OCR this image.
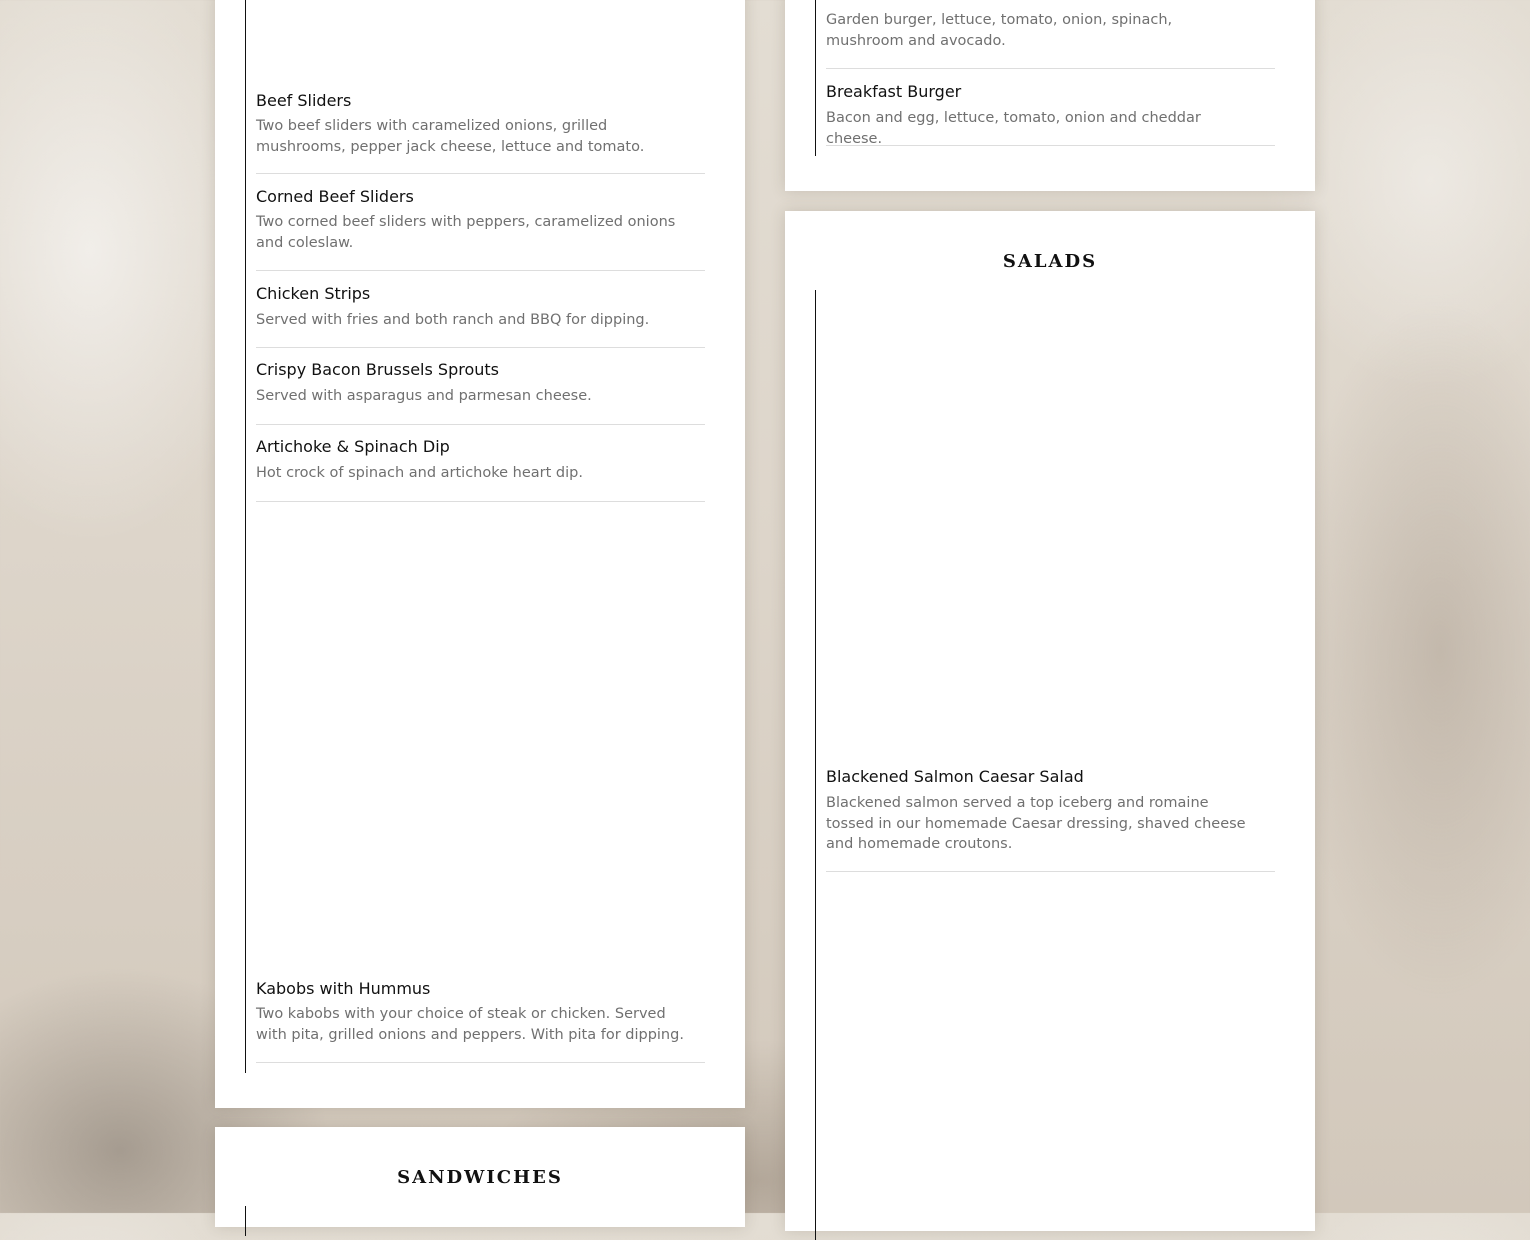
Beef Sliders
Two beef sliders with caramelized onions, grilled mushrooms, pepper jack cheese, lettuce and tomato.
Corned Beef Sliders
Two corned beef sliders with peppers, caramelized onions and coleslaw.
Chicken Strips
Served with fries and both ranch and BBQ for dipping.
Crispy Bacon Brussels Sprouts
Served with asparagus and parmesan cheese.
Artichoke & Spinach Dip
Hot crock of spinach and artichoke heart dip.
Kabobs with Hummus
Two kabobs with your choice of steak or chicken. Served with pita, grilled onions and peppers. With pita for dipping.
sandwiches
Garden burger, lettuce, tomato, onion, spinach, mushroom and avocado.
Breakfast Burger
Bacon and egg, lettuce, tomato, onion and cheddar cheese.
salads
Blackened Salmon Caesar Salad
Blackened salmon served a top iceberg and romaine tossed in our homemade Caesar dressing, shaved cheese and homemade croutons.
